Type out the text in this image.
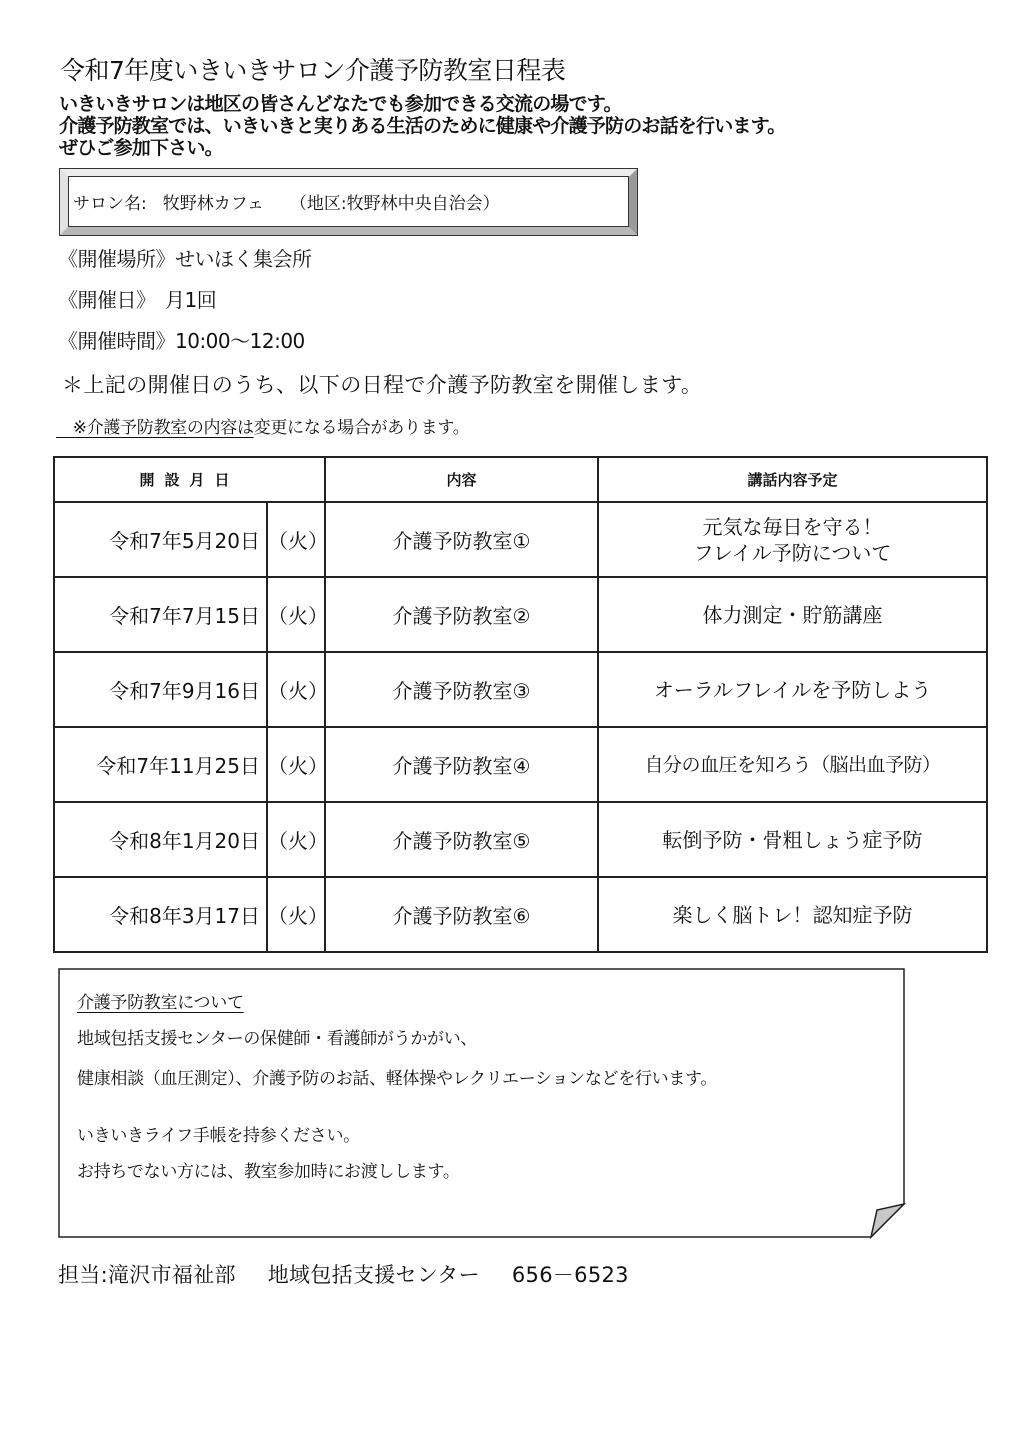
令和7年度いきいきサロン介護予防教室日程表
いきいきサロンは地区の皆さんどなたでも参加できる交流の場です。
介護予防教室では、いきいきと実りある生活のために健康や介護予防のお話を行います。
ぜひご参加下さい。
サロン名: 牧野林カフェ （地区:牧野林中央自治会）
《開催場所》せいほく集会所
《開催日》　月1回
《開催時間》10:00～12:00
＊上記の開催日のうち、以下の日程で介護予防教室を開催します。
　※介護予防教室の内容は変更になる場合があります。
開設月日		内容	講話内容予定
令和7年5月20日	（火）	介護予防教室①	元気な毎日を守る！
フレイル予防について

令和7年7月15日	（火）	介護予防教室②	体力測定・貯筋講座
令和7年9月16日	（火）	介護予防教室③	オーラルフレイルを予防しよう
令和7年11月25日	（火）	介護予防教室④	自分の血圧を知ろう（脳出血予防）
令和8年1月20日	（火）	介護予防教室⑤	転倒予防・骨粗しょう症予防
令和8年3月17日	（火）	介護予防教室⑥	楽しく脳トレ！認知症予防
介護予防教室について
地域包括支援センターの保健師・看護師がうかがい、
健康相談（血圧測定）、介護予防のお話、軽体操やレクリエーションなどを行います。
いきいきライフ手帳を持参ください。
お持ちでない方には、教室参加時にお渡しします。
担当:滝沢市福祉部 地域包括支援センター 656－6523
